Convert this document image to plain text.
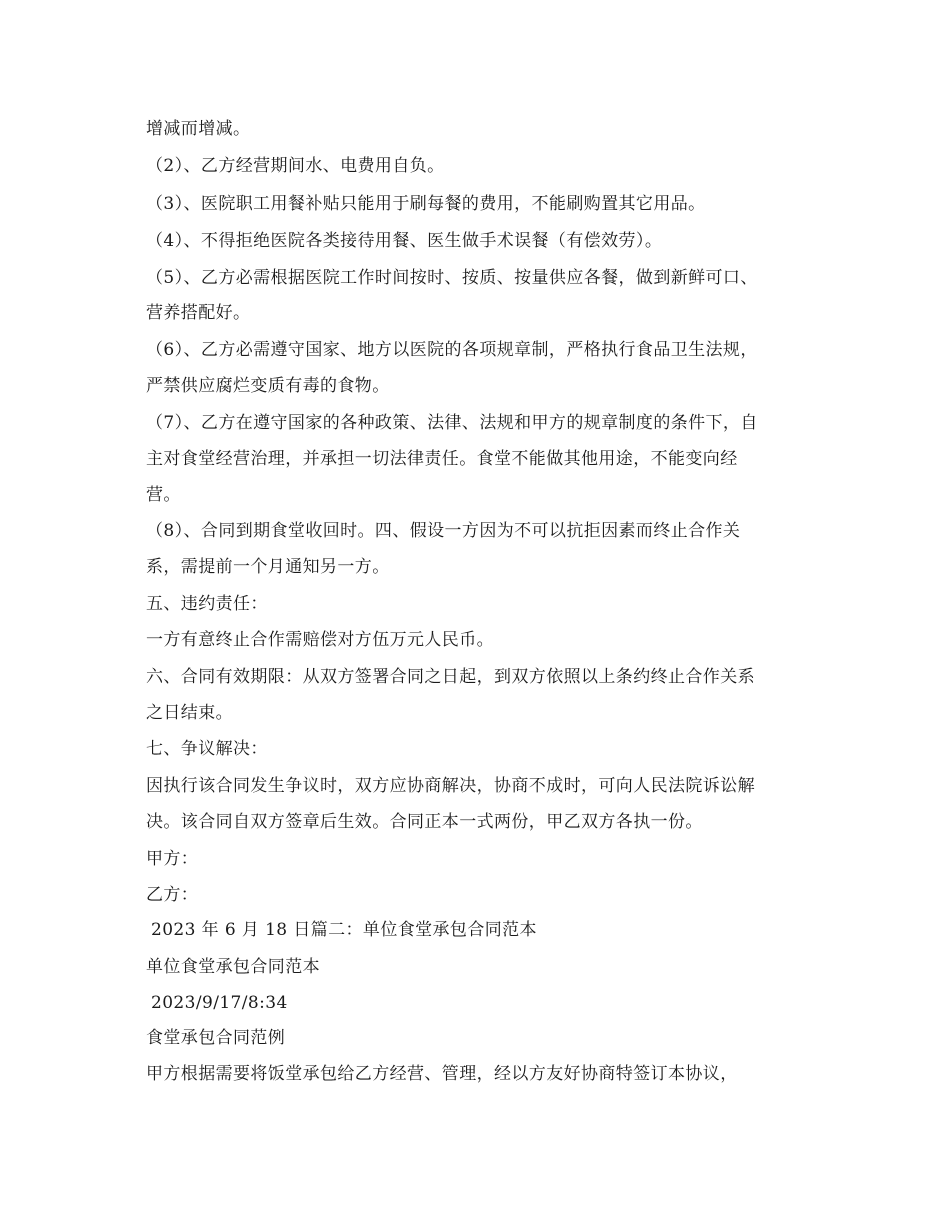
增减而增减。
（2）、乙方经营期间水、电费用自负。
（3）、医院职工用餐补贴只能用于刷每餐的费用，不能刷购置其它用品。
（4）、不得拒绝医院各类接待用餐、医生做手术误餐（有偿效劳）。
（5）、乙方必需根据医院工作时间按时、按质、按量供应各餐，做到新鲜可口、
营养搭配好。
（6）、乙方必需遵守国家、地方以医院的各项规章制，严格执行食品卫生法规，
严禁供应腐烂变质有毒的食物。
（7）、乙方在遵守国家的各种政策、法律、法规和甲方的规章制度的条件下，自
主对食堂经营治理，并承担一切法律责任。食堂不能做其他用途，不能变向经
营。
（8）、合同到期食堂收回时。四、假设一方因为不可以抗拒因素而终止合作关
系，需提前一个月通知另一方。
五、违约责任：
一方有意终止合作需赔偿对方伍万元人民币。
六、合同有效期限：从双方签署合同之日起，到双方依照以上条约终止合作关系
之日结束。
七、争议解决：
因执行该合同发生争议时，双方应协商解决，协商不成时，可向人民法院诉讼解
决。该合同自双方签章后生效。合同正本一式两份，甲乙双方各执一份。
甲方：
乙方：
2023 年 6 月 18 日篇二：单位食堂承包合同范本
单位食堂承包合同范本
2023/9/17/8:34
食堂承包合同范例
甲方根据需要将饭堂承包给乙方经营、管理，经以方友好协商特签订本协议，
